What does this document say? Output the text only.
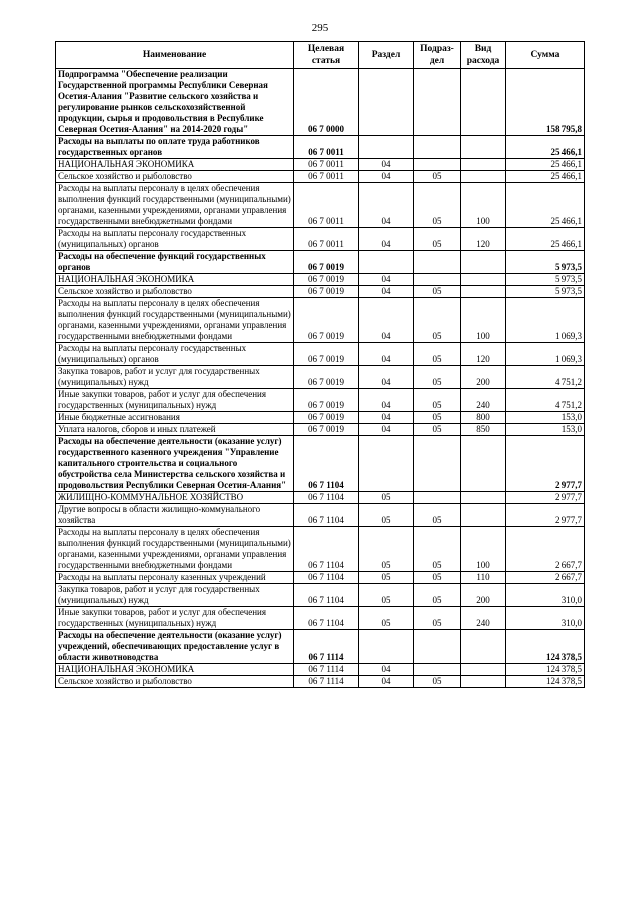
295
Наименование	Целевая статья	Раздел	Подраз-дел	Вид расхода	Сумма
Подпрограмма "Обеспечение реализации Государственной программы Республики Северная Осетия-Алания "Развитие сельского хозяйства и регулирование рынков сельскохозяйственной продукции, сырья и продовольствия в Республике Северная Осетия-Алания" на 2014-2020 годы"	06 7 0000				158 795,8
Расходы на выплаты по оплате труда работников государственных органов	06 7 0011				25 466,1
НАЦИОНАЛЬНАЯ ЭКОНОМИКА	06 7 0011	04			25 466,1
Сельское хозяйство и рыболовство	06 7 0011	04	05		25 466,1
Расходы на выплаты персоналу в целях обеспечения выполнения функций государственными (муниципальными) органами, казенными учреждениями, органами управления государственными внебюджетными фондами	06 7 0011	04	05	100	25 466,1
Расходы на выплаты персоналу государственных (муниципальных) органов	06 7 0011	04	05	120	25 466,1
Расходы на обеспечение функций государственных органов	06 7 0019				5 973,5
НАЦИОНАЛЬНАЯ ЭКОНОМИКА	06 7 0019	04			5 973,5
Сельское хозяйство и рыболовство	06 7 0019	04	05		5 973,5
Расходы на выплаты персоналу в целях обеспечения выполнения функций государственными (муниципальными) органами, казенными учреждениями, органами управления государственными внебюджетными фондами	06 7 0019	04	05	100	1 069,3
Расходы на выплаты персоналу государственных (муниципальных) органов	06 7 0019	04	05	120	1 069,3
Закупка товаров, работ и услуг для государственных (муниципальных) нужд	06 7 0019	04	05	200	4 751,2
Иные закупки товаров, работ и услуг для обеспечения государственных (муниципальных) нужд	06 7 0019	04	05	240	4 751,2
Иные бюджетные ассигнования	06 7 0019	04	05	800	153,0
Уплата налогов, сборов и иных платежей	06 7 0019	04	05	850	153,0
Расходы на обеспечение деятельности (оказание услуг) государственного казенного учреждения "Управление капитального строительства и социального обустройства села Министерства сельского хозяйства и продовольствия Республики Северная Осетия-Алания"	06 7 1104				2 977,7
ЖИЛИЩНО-КОММУНАЛЬНОЕ ХОЗЯЙСТВО	06 7 1104	05			2 977,7
Другие вопросы в области жилищно-коммунального хозяйства	06 7 1104	05	05		2 977,7
Расходы на выплаты персоналу в целях обеспечения выполнения функций государственными (муниципальными) органами, казенными учреждениями, органами управления государственными внебюджетными фондами	06 7 1104	05	05	100	2 667,7
Расходы на выплаты персоналу казенных учреждений	06 7 1104	05	05	110	2 667,7
Закупка товаров, работ и услуг для государственных (муниципальных) нужд	06 7 1104	05	05	200	310,0
Иные закупки товаров, работ и услуг для обеспечения государственных (муниципальных) нужд	06 7 1104	05	05	240	310,0
Расходы на обеспечение деятельности (оказание услуг) учреждений, обеспечивающих предоставление услуг в области животноводства	06 7 1114				124 378,5
НАЦИОНАЛЬНАЯ ЭКОНОМИКА	06 7 1114	04			124 378,5
Сельское хозяйство и рыболовство	06 7 1114	04	05		124 378,5
